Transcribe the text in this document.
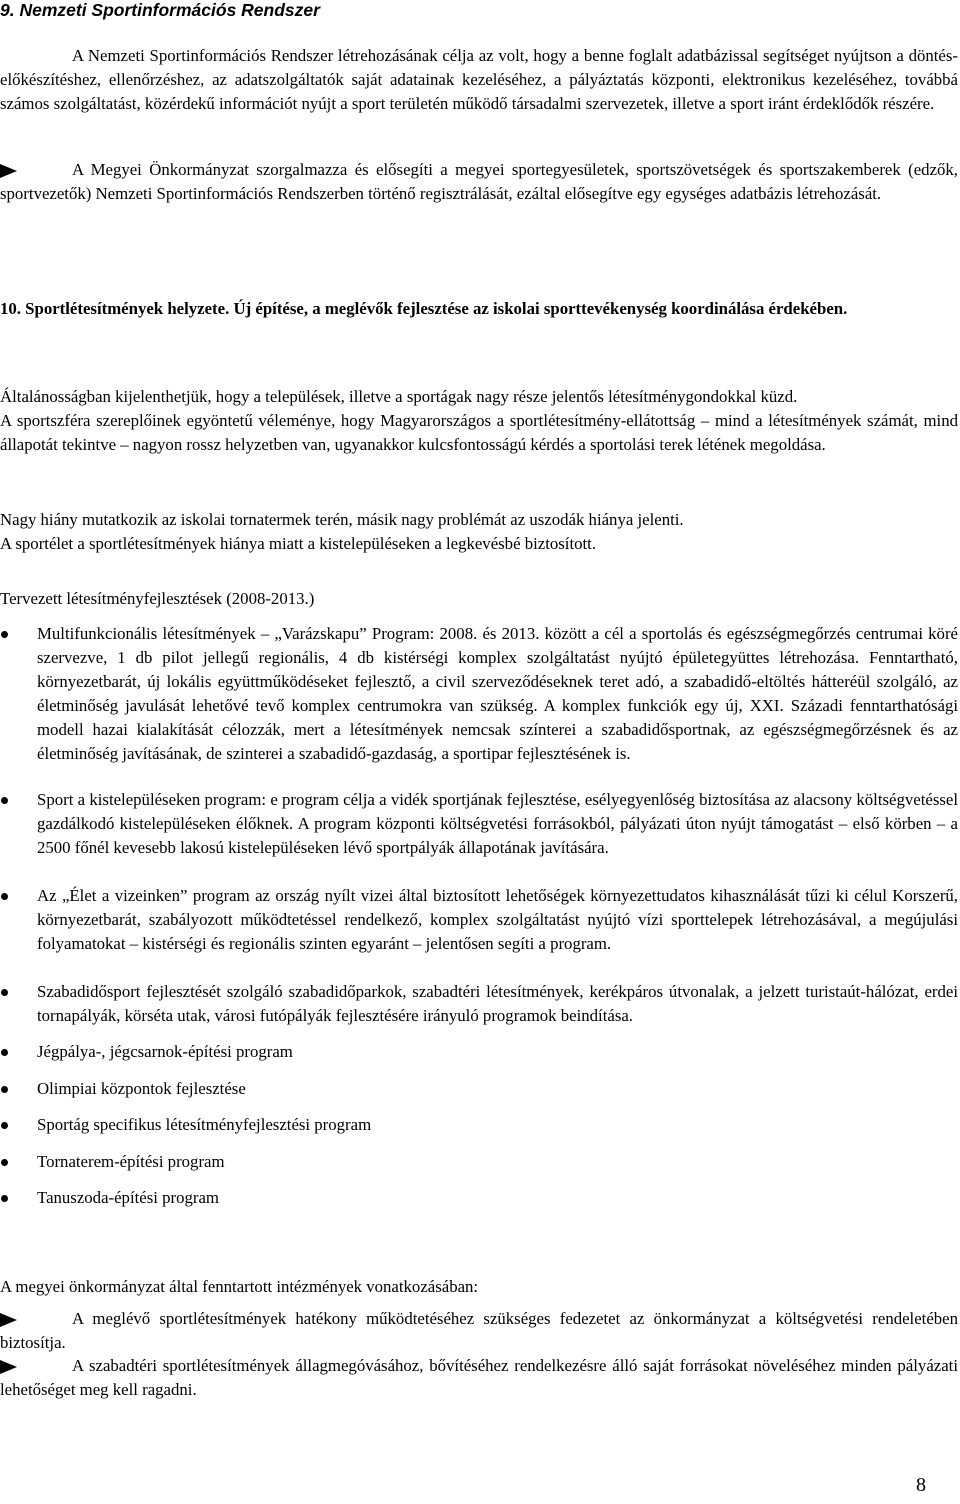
9. Nemzeti Sportinformációs Rendszer

A Nemzeti Sportinformációs Rendszer létrehozásának célja az volt, hogy a benne foglalt adatbázissal segítséget nyújtson a döntés-előkészítéshez, ellenőrzéshez, az adatszolgáltatók saját adatainak kezeléséhez, a pályáztatás központi, elektronikus kezeléséhez, továbbá számos szolgáltatást, közérdekű információt nyújt a sport területén működő társadalmi szervezetek, illetve a sport iránt érdeklődők részére.

A Megyei Önkormányzat szorgalmazza és elősegíti a megyei sportegyesületek, sportszövetségek és sportszakemberek (edzők, sportvezetők) Nemzeti Sportinformációs Rendszerben történő regisztrálását, ezáltal elősegítve egy egységes adatbázis létrehozását.

10. Sportlétesítmények helyzete. Új építése, a meglévők fejlesztése az iskolai sporttevékenység koordinálása érdekében.

Általánosságban kijelenthetjük, hogy a települések, illetve a sportágak nagy része jelentős létesítménygondokkal küzd.

A sportszféra szereplőinek egyöntetű véleménye, hogy Magyarországos a sportlétesítmény-ellátottság – mind a létesítmények számát, mind állapotát tekintve – nagyon rossz helyzetben van, ugyanakkor kulcsfontosságú kérdés a sportolási terek létének megoldása.

Nagy hiány mutatkozik az iskolai tornatermek terén, másik nagy problémát az uszodák hiánya jelenti.

A sportélet a sportlétesítmények hiánya miatt a kistelepüléseken a legkevésbé biztosított.

Tervezett létesítményfejlesztések (2008-2013.)

Multifunkcionális létesítmények – „Varázskapu” Program: 2008. és 2013. között a cél a sportolás és egészségmegőrzés centrumai köré szervezve, 1 db pilot jellegű regionális, 4 db kistérségi komplex szolgáltatást nyújtó épületegyüttes létrehozása. Fenntartható, környezetbarát, új lokális együttműködéseket fejlesztő, a civil szerveződéseknek teret adó, a szabadidő-eltöltés hátteréül szolgáló, az életminőség javulását lehetővé tevő komplex centrumokra van szükség. A komplex funkciók egy új, XXI. Századi fenntarthatósági modell hazai kialakítását célozzák, mert a létesítmények nemcsak színterei a szabadidősportnak, az egészségmegőrzésnek és az életminőség javításának, de szinterei a szabadidő-gazdaság, a sportipar fejlesztésének is.

Sport a kistelepüléseken program: e program célja a vidék sportjának fejlesztése, esélyegyenlőség biztosítása az alacsony költségvetéssel gazdálkodó kistelepüléseken élőknek. A program központi költségvetési forrásokból, pályázati úton nyújt támogatást – első körben – a 2500 főnél kevesebb lakosú kistelepüléseken lévő sportpályák állapotának javítására.

Az „Élet a vizeinken” program az ország nyílt vizei által biztosított lehetőségek környezettudatos kihasználását tűzi ki célul Korszerű, környezetbarát, szabályozott működtetéssel rendelkező, komplex szolgáltatást nyújtó vízi sporttelepek létrehozásával, a megújulási folyamatokat – kistérségi és regionális szinten egyaránt – jelentősen segíti a program.

Szabadidősport fejlesztését szolgáló szabadidőparkok, szabadtéri létesítmények, kerékpáros útvonalak, a jelzett turistaút-hálózat, erdei tornapályák, körséta utak, városi futópályák fejlesztésére irányuló programok beindítása.

Jégpálya-, jégcsarnok-építési program

Olimpiai központok fejlesztése

Sportág specifikus létesítményfejlesztési program

Tornaterem-építési program

Tanuszoda-építési program

A megyei önkormányzat által fenntartott intézmények vonatkozásában:

A meglévő sportlétesítmények hatékony működtetéséhez szükséges fedezetet az önkormányzat a költségvetési rendeletében biztosítja.

A szabadtéri sportlétesítmények állagmegóvásához, bővítéséhez rendelkezésre álló saját forrásokat növeléséhez minden pályázati lehetőséget meg kell ragadni.

8
